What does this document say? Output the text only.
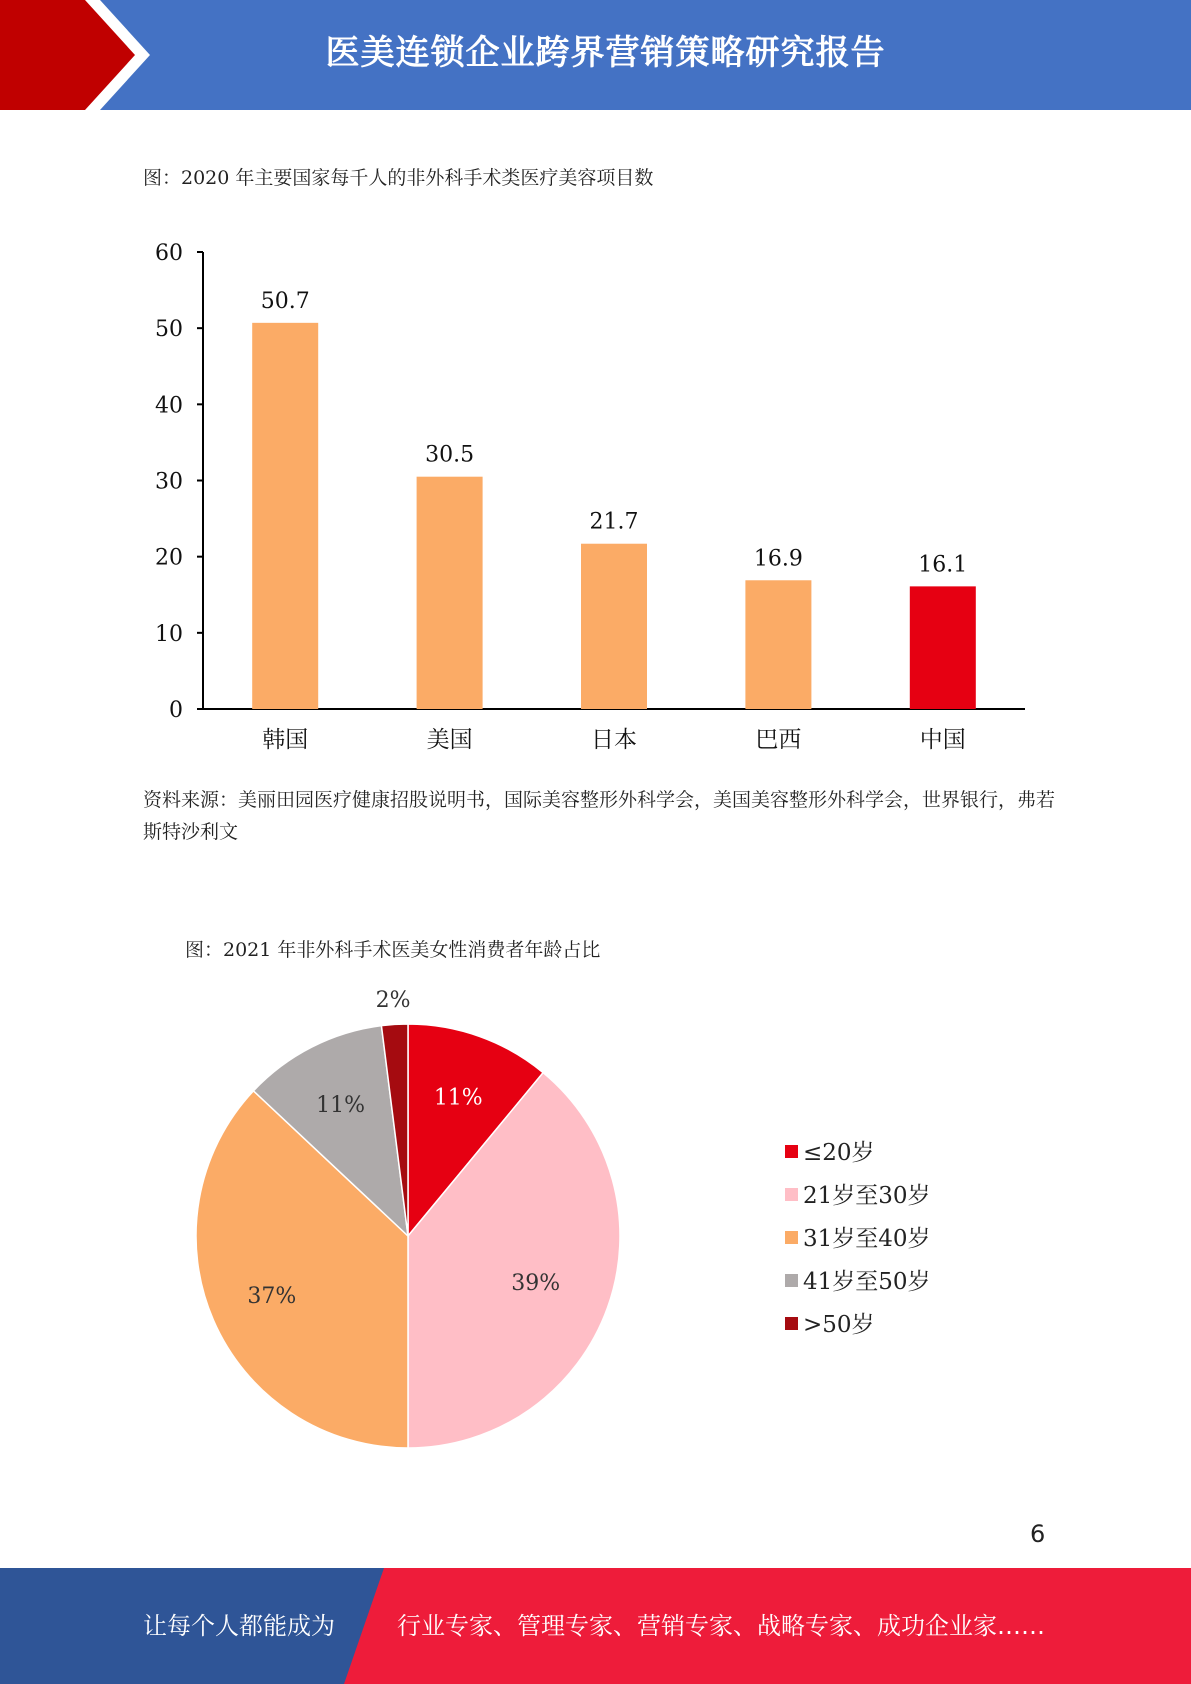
医美连锁企业跨界营销策略研究报告
图：2020 年主要国家每千人的非外科手术类医疗美容项目数
0
10
20
30
40
50
60
50.7
韩国
30.5
美国
21.7
日本
16.9
巴西
16.1
中国
资料来源：美丽田园医疗健康招股说明书，国际美容整形外科学会，美国美容整形外科学会，世界银行，弗若斯特沙利文
图：2021 年非外科手术医美女性消费者年龄占比
11%
39%
37%
11%
2%
≤20岁
21岁至30岁
31岁至40岁
41岁至50岁
>50岁
6
让每个人都能成为	行业专家、管理专家、营销专家、战略专家、成功企业家……
